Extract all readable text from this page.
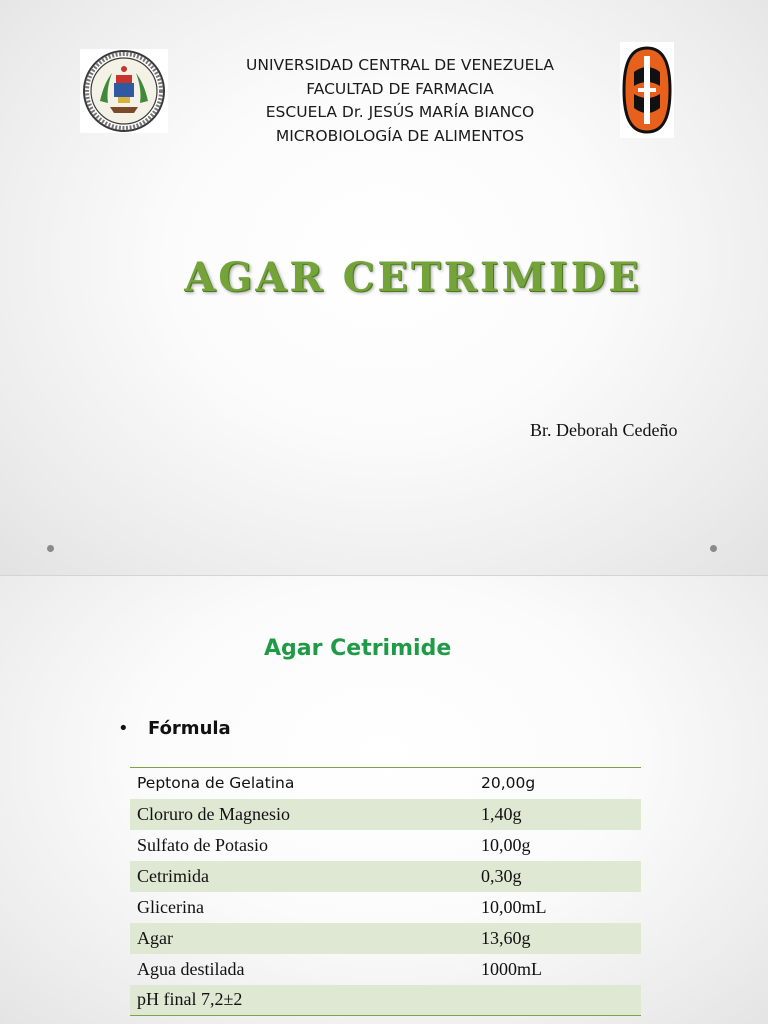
UNIVERSIDAD CENTRAL DE VENEZUELA
FACULTAD DE FARMACIA
ESCUELA Dr. JESÚS MARÍA BIANCO
MICROBIOLOGÍA DE ALIMENTOS
AGAR CETRIMIDE
Br. Deborah Cedeño
Agar Cetrimide
• Fórmula
Peptona de Gelatina	20,00g
Cloruro de Magnesio	1,40g
Sulfato de Potasio	10,00g
Cetrimida	0,30g
Glicerina	10,00mL
Agar	13,60g
Agua destilada	1000mL
pH final 7,2±2	
